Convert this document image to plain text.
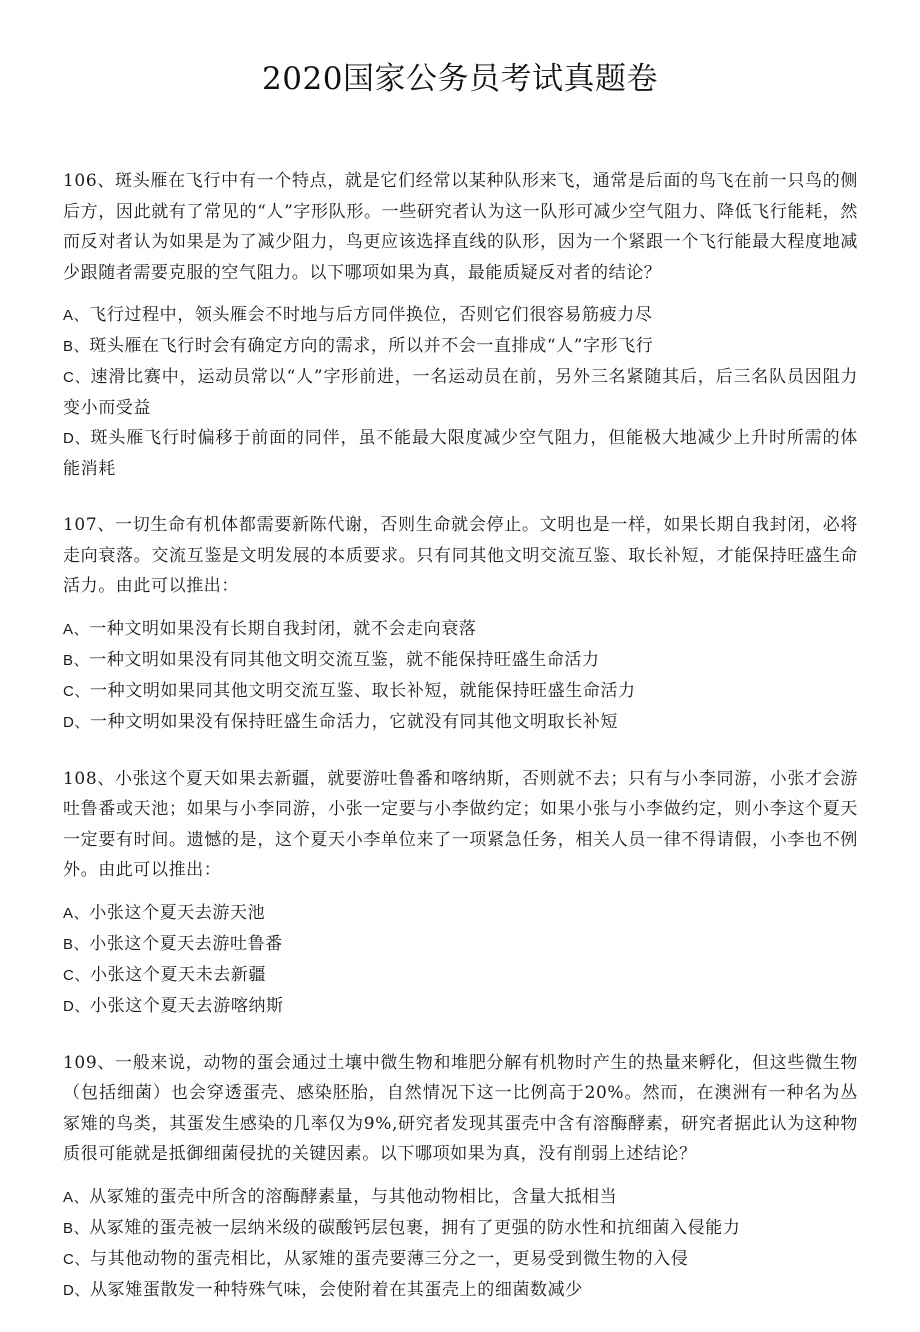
2020国家公务员考试真题卷

106、斑头雁在飞行中有一个特点，就是它们经常以某种队形来飞，通常是后面的鸟飞在前一只鸟的侧后方，因此就有了常见的“人”字形队形。一些研究者认为这一队形可减少空气阻力、降低飞行能耗，然而反对者认为如果是为了减少阻力，鸟更应该选择直线的队形，因为一个紧跟一个飞行能最大程度地减少跟随者需要克服的空气阻力。以下哪项如果为真，最能质疑反对者的结论？

A、飞行过程中，领头雁会不时地与后方同伴换位，否则它们很容易筋疲力尽

B、斑头雁在飞行时会有确定方向的需求，所以并不会一直排成“人”字形飞行

C、速滑比赛中，运动员常以“人”字形前进，一名运动员在前，另外三名紧随其后，后三名队员因阻力变小而受益

D、斑头雁飞行时偏移于前面的同伴，虽不能最大限度减少空气阻力，但能极大地减少上升时所需的体能消耗

107、一切生命有机体都需要新陈代谢，否则生命就会停止。文明也是一样，如果长期自我封闭，必将走向衰落。交流互鉴是文明发展的本质要求。只有同其他文明交流互鉴、取长补短，才能保持旺盛生命活力。由此可以推出：

A、一种文明如果没有长期自我封闭，就不会走向衰落

B、一种文明如果没有同其他文明交流互鉴，就不能保持旺盛生命活力

C、一种文明如果同其他文明交流互鉴、取长补短，就能保持旺盛生命活力

D、一种文明如果没有保持旺盛生命活力，它就没有同其他文明取长补短

108、小张这个夏天如果去新疆，就要游吐鲁番和喀纳斯，否则就不去；只有与小李同游，小张才会游吐鲁番或天池；如果与小李同游，小张一定要与小李做约定；如果小张与小李做约定，则小李这个夏天一定要有时间。遗憾的是，这个夏天小李单位来了一项紧急任务，相关人员一律不得请假，小李也不例外。由此可以推出：

A、小张这个夏天去游天池

B、小张这个夏天去游吐鲁番

C、小张这个夏天未去新疆

D、小张这个夏天去游喀纳斯

109、一般来说，动物的蛋会通过土壤中微生物和堆肥分解有机物时产生的热量来孵化，但这些微生物（包括细菌）也会穿透蛋壳、感染胚胎，自然情况下这一比例高于20%。然而，在澳洲有一种名为丛冢雉的鸟类，其蛋发生感染的几率仅为9%,研究者发现其蛋壳中含有溶酶酵素，研究者据此认为这种物质很可能就是抵御细菌侵扰的关键因素。以下哪项如果为真，没有削弱上述结论？

A、从冢雉的蛋壳中所含的溶酶酵素量，与其他动物相比，含量大抵相当

B、从冢雉的蛋壳被一层纳米级的碳酸钙层包裹，拥有了更强的防水性和抗细菌入侵能力

C、与其他动物的蛋壳相比，从冢雉的蛋壳要薄三分之一，更易受到微生物的入侵

D、从冢雉蛋散发一种特殊气味，会使附着在其蛋壳上的细菌数减少
